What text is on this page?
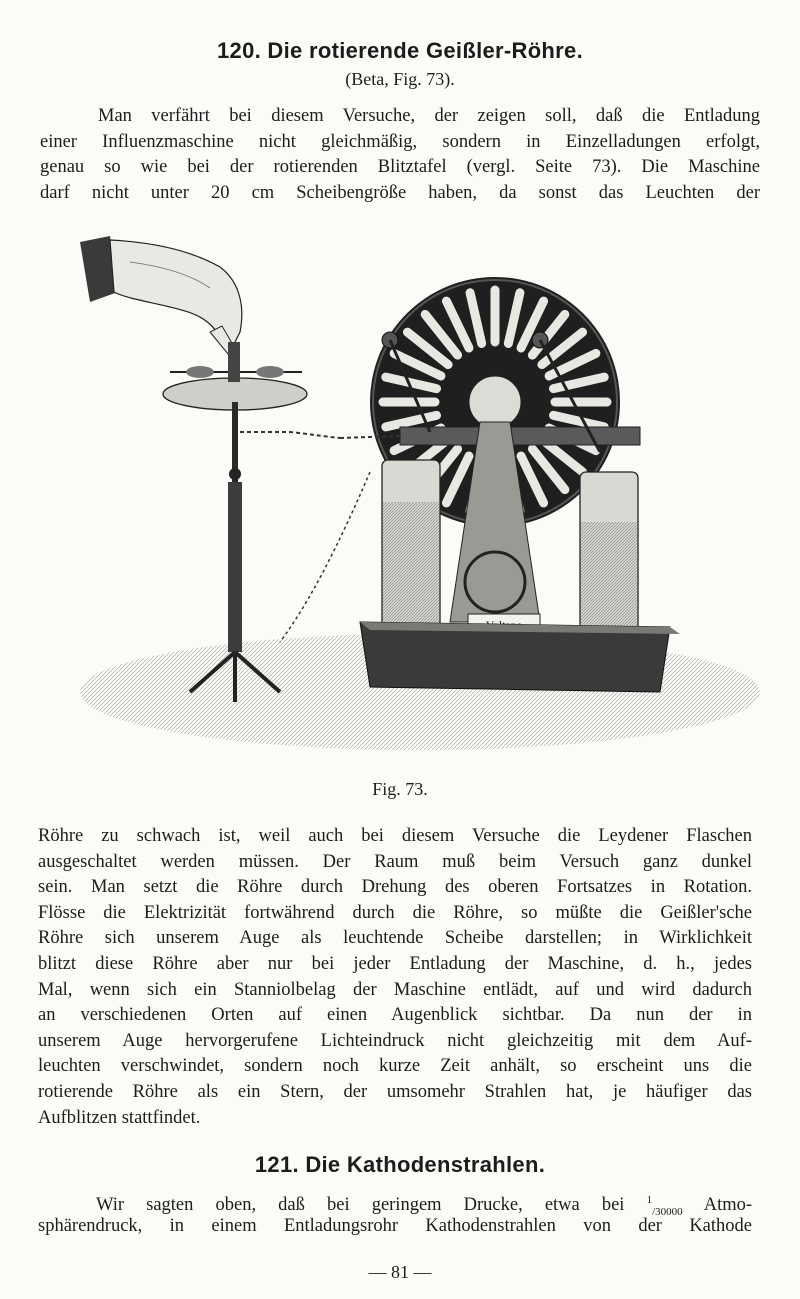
120. Die rotierende Geißler-Röhre.
(Beta, Fig. 73).
Man verfährt bei diesem Versuche, der zeigen soll, daß die Entladung
einer Influenzmaschine nicht gleichmäßig, sondern in Einzelladungen erfolgt,
genau so wie bei der rotierenden Blitztafel (vergl. Seite 73). Die Maschine
darf nicht unter 20 cm Scheibengröße haben, da sonst das Leuchten der
Fig. 73.
Röhre zu schwach ist, weil auch bei diesem Versuche die Leydener Flaschen
ausgeschaltet werden müssen. Der Raum muß beim Versuch ganz dunkel
sein. Man setzt die Röhre durch Drehung des oberen Fortsatzes in Rotation.
Flösse die Elektrizität fortwährend durch die Röhre, so müßte die Geißler'sche
Röhre sich unserem Auge als leuchtende Scheibe darstellen; in Wirklichkeit
blitzt diese Röhre aber nur bei jeder Entladung der Maschine, d. h., jedes
Mal, wenn sich ein Stanniolbelag der Maschine entlädt, auf und wird dadurch
an verschiedenen Orten auf einen Augenblick sichtbar. Da nun der in
unserem Auge hervorgerufene Lichteindruck nicht gleichzeitig mit dem Auf-
leuchten verschwindet, sondern noch kurze Zeit anhält, so erscheint uns die
rotierende Röhre als ein Stern, der umsomehr Strahlen hat, je häufiger das
Aufblitzen stattfindet.
121. Die Kathodenstrahlen.
Wir sagten oben, daß bei geringem Drucke, etwa bei $^1_{/30000}$ Atmo-
sphärendruck, in einem Entladungsrohr Kathodenstrahlen von der Kathode
— 81 —
